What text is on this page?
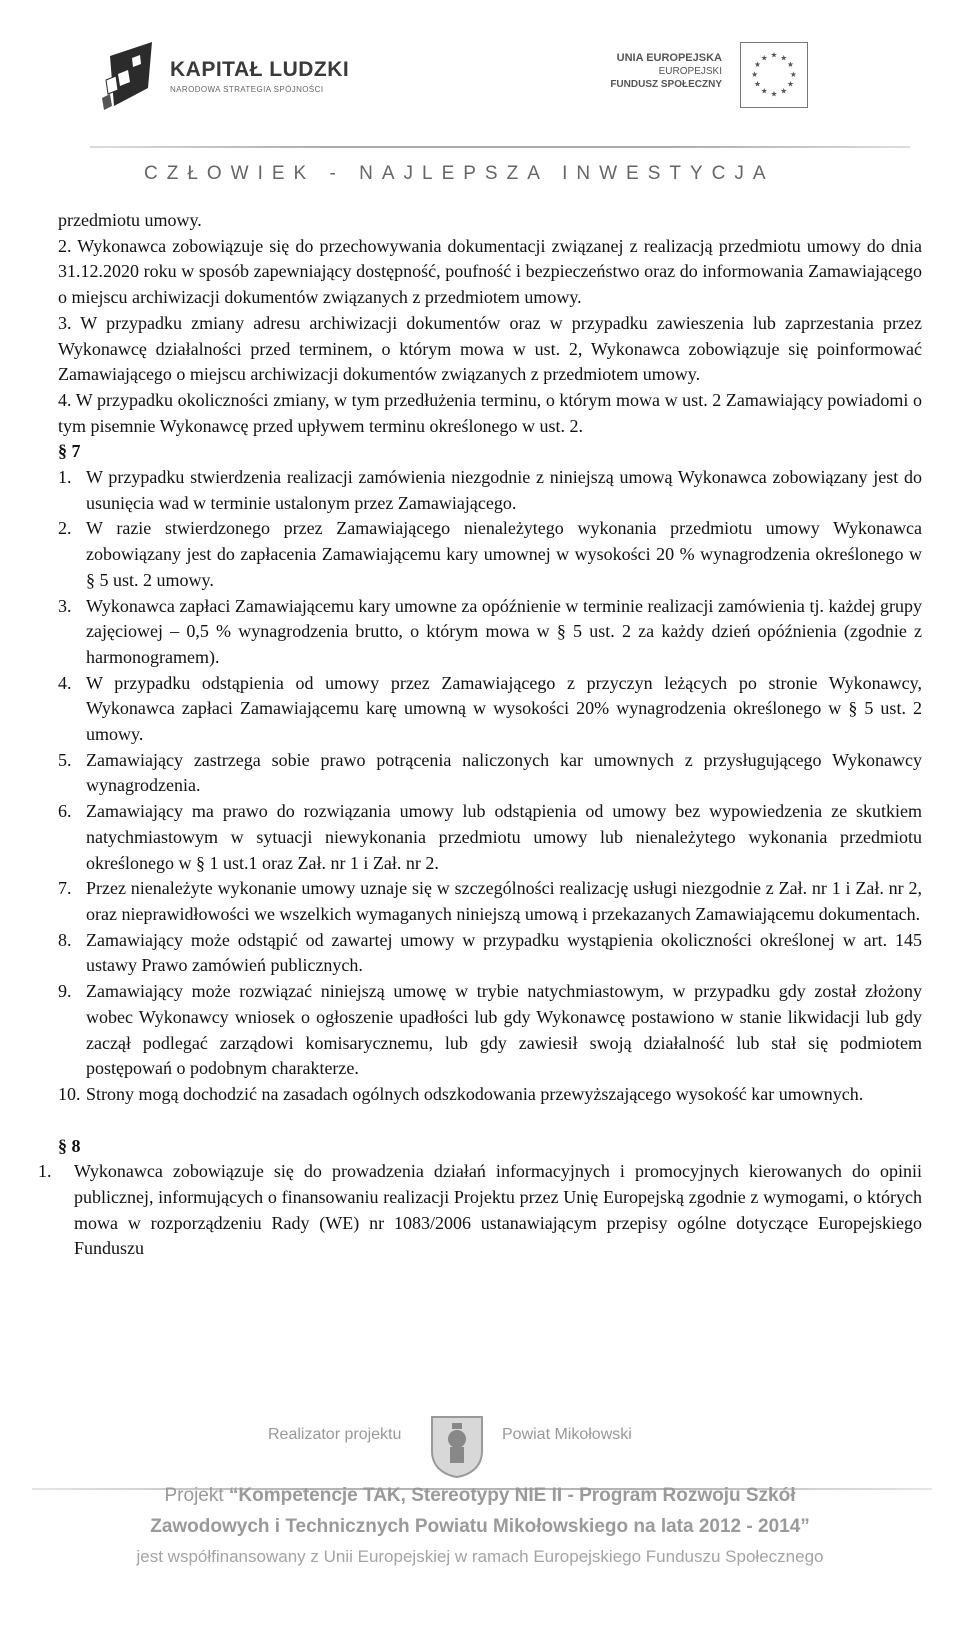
KAPITAŁ LUDZKI
NARODOWA STRATEGIA SPÓJNOŚCI
UNIA EUROPEJSKA
EUROPEJSKI
FUNDUSZ SPOŁECZNY
★ ★
★
★
★
★
★
★
★
★
★
★
CZŁOWIEK - NAJLEPSZA INWESTYCJA

przedmiotu umowy.

2. Wykonawca zobowiązuje się do przechowywania dokumentacji związanej z realizacją przedmiotu umowy do dnia 31.12.2020 roku w sposób zapewniający dostępność, poufność i bezpieczeństwo oraz do informowania Zamawiającego o miejscu archiwizacji dokumentów związanych z przedmiotem umowy.

3. W przypadku zmiany adresu archiwizacji dokumentów oraz w przypadku zawieszenia lub zaprzestania przez Wykonawcę działalności przed terminem, o którym mowa w ust. 2, Wykonawca zobowiązuje się poinformować Zamawiającego o miejscu archiwizacji dokumentów związanych z przedmiotem umowy.

4. W przypadku okoliczności zmiany, w tym przedłużenia terminu, o którym mowa w ust. 2 Zamawiający powiadomi o tym pisemnie Wykonawcę przed upływem terminu określonego w ust. 2.

§ 7

1. W przypadku stwierdzenia realizacji zamówienia niezgodnie z niniejszą umową Wykonawca zobowiązany jest do usunięcia wad w terminie ustalonym przez Zamawiającego.
2. W razie stwierdzonego przez Zamawiającego nienależytego wykonania przedmiotu umowy Wykonawca zobowiązany jest do zapłacenia Zamawiającemu kary umownej w wysokości 20 % wynagrodzenia określonego w § 5 ust. 2 umowy.
3. Wykonawca zapłaci Zamawiającemu kary umowne za opóźnienie w terminie realizacji zamówienia tj. każdej grupy zajęciowej – 0,5 % wynagrodzenia brutto, o którym mowa w § 5 ust. 2 za każdy dzień opóźnienia (zgodnie z harmonogramem).
4. W przypadku odstąpienia od umowy przez Zamawiającego z przyczyn leżących po stronie Wykonawcy, Wykonawca zapłaci Zamawiającemu karę umowną w wysokości 20% wynagrodzenia określonego w § 5 ust. 2 umowy.
5. Zamawiający zastrzega sobie prawo potrącenia naliczonych kar umownych z przysługującego Wykonawcy wynagrodzenia.
6. Zamawiający ma prawo do rozwiązania umowy lub odstąpienia od umowy bez wypowiedzenia ze skutkiem natychmiastowym w sytuacji niewykonania przedmiotu umowy lub nienależytego wykonania przedmiotu określonego w § 1 ust.1 oraz Zał. nr 1 i Zał. nr 2.
7. Przez nienależyte wykonanie umowy uznaje się w szczególności realizację usługi niezgodnie z Zał. nr 1 i Zał. nr 2, oraz nieprawidłowości we wszelkich wymaganych niniejszą umową i przekazanych Zamawiającemu dokumentach.
8. Zamawiający może odstąpić od zawartej umowy w przypadku wystąpienia okoliczności określonej w art. 145 ustawy Prawo zamówień publicznych.
9. Zamawiający może rozwiązać niniejszą umowę w trybie natychmiastowym, w przypadku gdy został złożony wobec Wykonawcy wniosek o ogłoszenie upadłości lub gdy Wykonawcę postawiono w stanie likwidacji lub gdy zaczął podlegać zarządowi komisarycznemu, lub gdy zawiesił swoją działalność lub stał się podmiotem postępowań o podobnym charakterze.
10. Strony mogą dochodzić na zasadach ogólnych odszkodowania przewyższającego wysokość kar umownych.

§ 8

1.	Wykonawca zobowiązuje się do prowadzenia działań informacyjnych i promocyjnych kierowanych do opinii publicznej, informujących o finansowaniu realizacji Projektu przez Unię Europejską zgodnie z wymogami, o których mowa w rozporządzeniu Rady (WE) nr 1083/2006 ustanawiającym przepisy ogólne dotyczące Europejskiego Funduszu
Realizator projektu	Powiat Mikołowski
Projekt “Kompetencje TAK, Stereotypy NIE II - Program Rozwoju Szkół
Zawodowych i Technicznych Powiatu Mikołowskiego na lata 2012 - 2014”
jest współfinansowany z Unii Europejskiej w ramach Europejskiego Funduszu Społecznego
